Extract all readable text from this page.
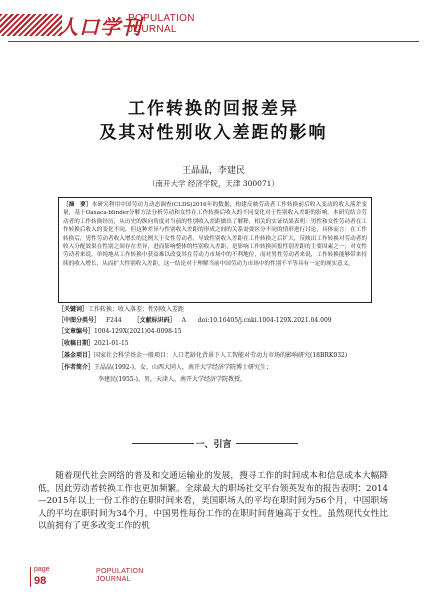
人口学刊
POPULATION
JOURNAL
工作转换的回报差异
及其对性别收入差距的影响
王晶晶，李建民
（南开大学 经济学院，天津 300071）
［摘　要］本研究利用中国劳动力动态调查(CLDS)2016年的数据，构建反映劳动者工作转换前后收入变动的收入落差变量，基于Oaxaca-blinder分解方法分析劳动和女性在工作转换后收入的不同变化对于性别收入差距的影响。本研究结合劳动者的工作转换经历，从历史的纵向角度对当前的性别收入差距做出了解释，相关的实证结果表明：男性和女性劳动者在工作转换后收入的变化不同，但这种差异与性别收入差距的形成之间的关系需要区分不同的情形进行讨论，具体而言：在工作转换后，男性劳动者收入增长的比例大于女性劳动者，导致性别收入差距在工作转换之后扩大，反映出工作转换对劳动者的收入分配效果在性别之间存在差异，进而影响整体的性别收入差距，是影响工作转换回报性别差距的主要因素之一；对女性劳动者来说，单纯地从工作转换中获益难以改变其在劳动力市场中的不利地位，而对男性劳动者来说，工作转换能够带来持续的收入增长，从而扩大性别收入差距，这一结论对于理解当前中国劳动力市场中的性别不平等具有一定的现实意义。
［关键词］工作转换；收入落差；性别收入差距
［中图分类号］ F244	［文献标识码］ A	doi:10.16405/j.cnki.1004-129X.2021.04.009
［文章编号］1004-129X(2021)04-0098-15
［收稿日期］2021-01-15
［基金项目］国家社会科学基金一般项目：人口老龄化背景下人工智能对劳动力市场的影响研究(18BRK032)
［作者简介］王晶晶(1992-)，女，山西大同人，南开大学经济学院博士研究生；
李建民(1955-)，男，天津人，南开大学经济学院教授。
一、引言
随着现代社会网络的普及和交通运输业的发展，搜寻工作的时间成本和信息成本大幅降低，因此劳动者转换工作也更加频繁。全球最大的职场社交平台领英发布的报告表明：2014—2015年以上一份工作的在职时间来看，美国职场人的平均在职时间为56个月，中国职场人的平均在职时间为34个月，中国男性每份工作的在职时间普遍高于女性。虽然现代女性比以前拥有了更多改变工作的机
page
98
POPULATION
JOURNAL
